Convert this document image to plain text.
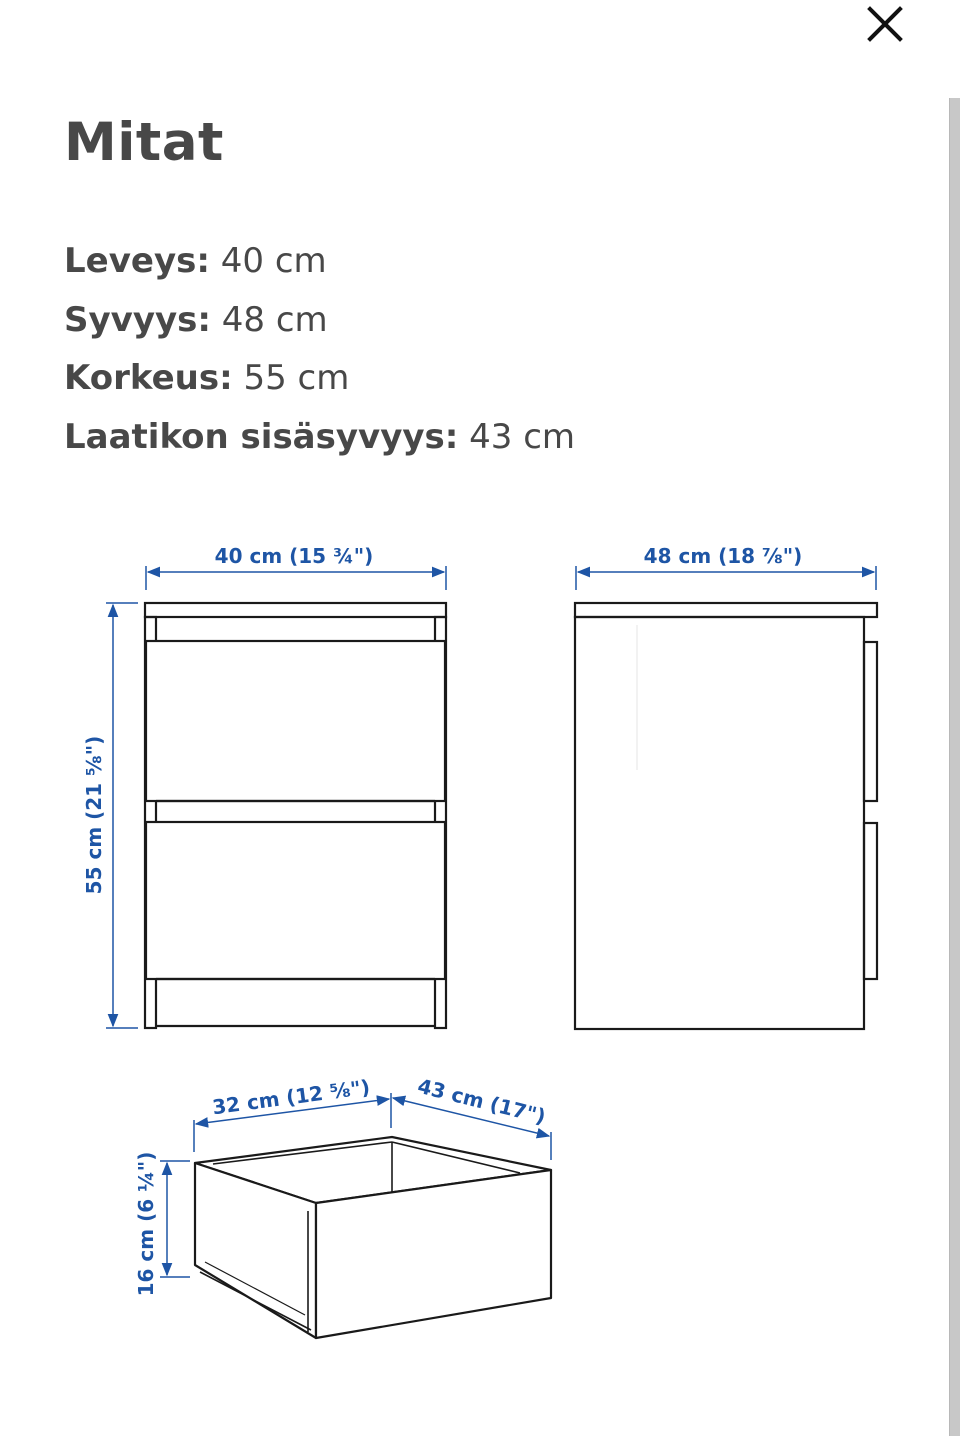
Mitat
Leveys: 40 cm
Syvyys: 48 cm
Korkeus: 55 cm
Laatikon sisäsyvyys: 43 cm
40 cm (15 ¾")
55 cm (21 ⅝")
48 cm (18 ⅞")
32 cm (12 ⅝") 43 cm (17")
16 cm (6 ¼")
